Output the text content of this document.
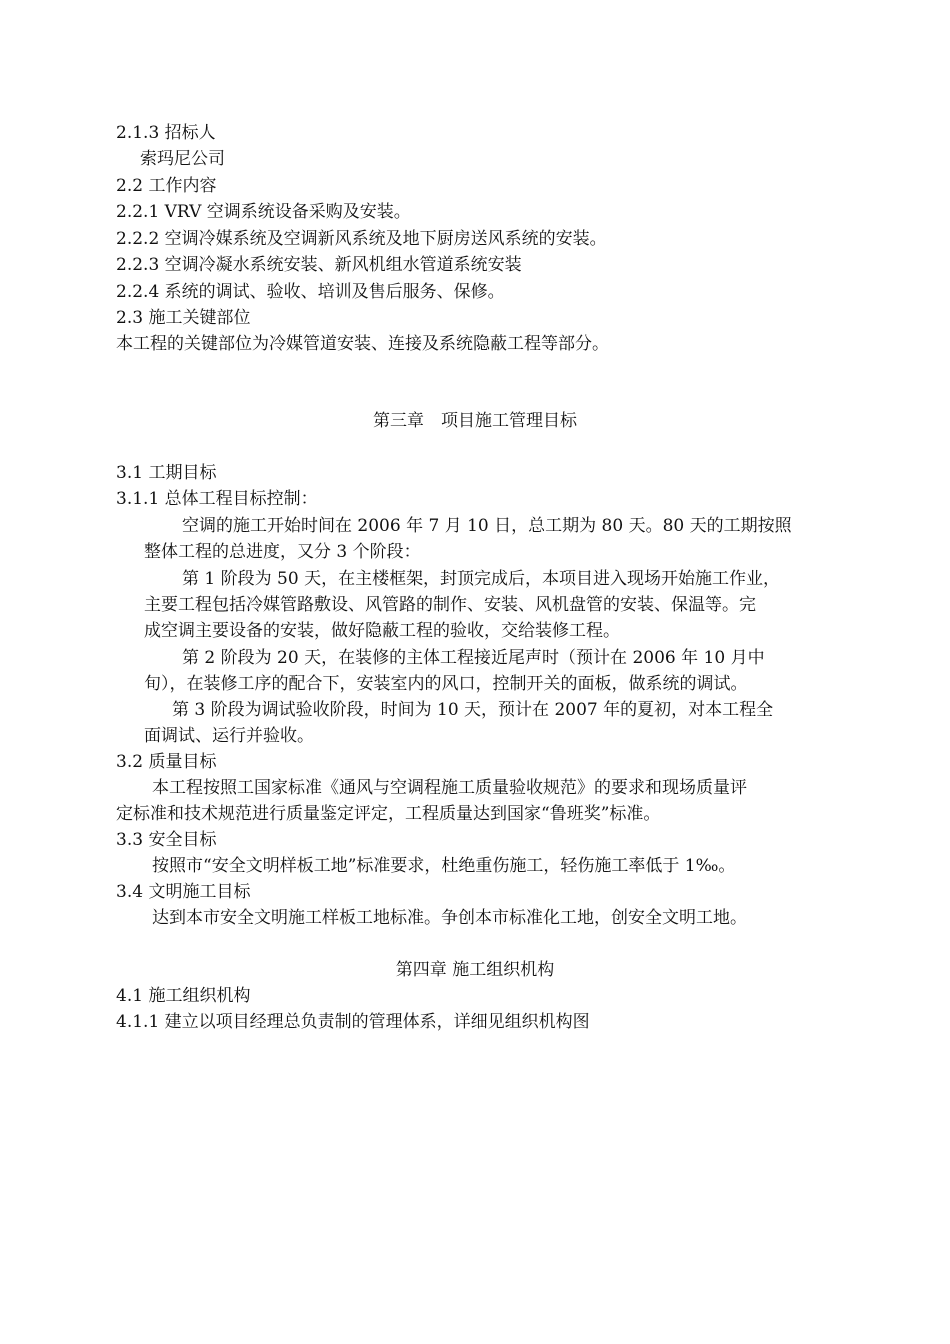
2.1.3 招标人

索玛尼公司

2.2 工作内容

2.2.1 VRV 空调系统设备采购及安装。

2.2.2 空调冷媒系统及空调新风系统及地下厨房送风系统的安装。

2.2.3 空调冷凝水系统安装、新风机组水管道系统安装

2.2.4 系统的调试、验收、培训及售后服务、保修。

2.3 施工关键部位

本工程的关键部位为冷媒管道安装、连接及系统隐蔽工程等部分。

第三章　项目施工管理目标

3.1 工期目标

3.1.1 总体工程目标控制：

空调的施工开始时间在 2006 年 7 月 10 日，总工期为 80 天。80 天的工期按照

整体工程的总进度，又分 3 个阶段：

第 1 阶段为 50 天，在主楼框架，封顶完成后，本项目进入现场开始施工作业，

主要工程包括冷媒管路敷设、风管路的制作、安装、风机盘管的安装、保温等。完

成空调主要设备的安装，做好隐蔽工程的验收，交给装修工程。

第 2 阶段为 20 天，在装修的主体工程接近尾声时（预计在 2006 年 10 月中

旬），在装修工序的配合下，安装室内的风口，控制开关的面板，做系统的调试。

第 3 阶段为调试验收阶段，时间为 10 天，预计在 2007 年的夏初，对本工程全

面调试、运行并验收。

3.2 质量目标

本工程按照工国家标准《通风与空调程施工质量验收规范》的要求和现场质量评

定标准和技术规范进行质量鉴定评定，工程质量达到国家“鲁班奖”标准。

3.3 安全目标

按照市“安全文明样板工地”标准要求，杜绝重伤施工，轻伤施工率低于 1‰。

3.4 文明施工目标

达到本市安全文明施工样板工地标准。争创本市标准化工地，创安全文明工地。

第四章 施工组织机构

4.1 施工组织机构

4.1.1 建立以项目经理总负责制的管理体系，详细见组织机构图
